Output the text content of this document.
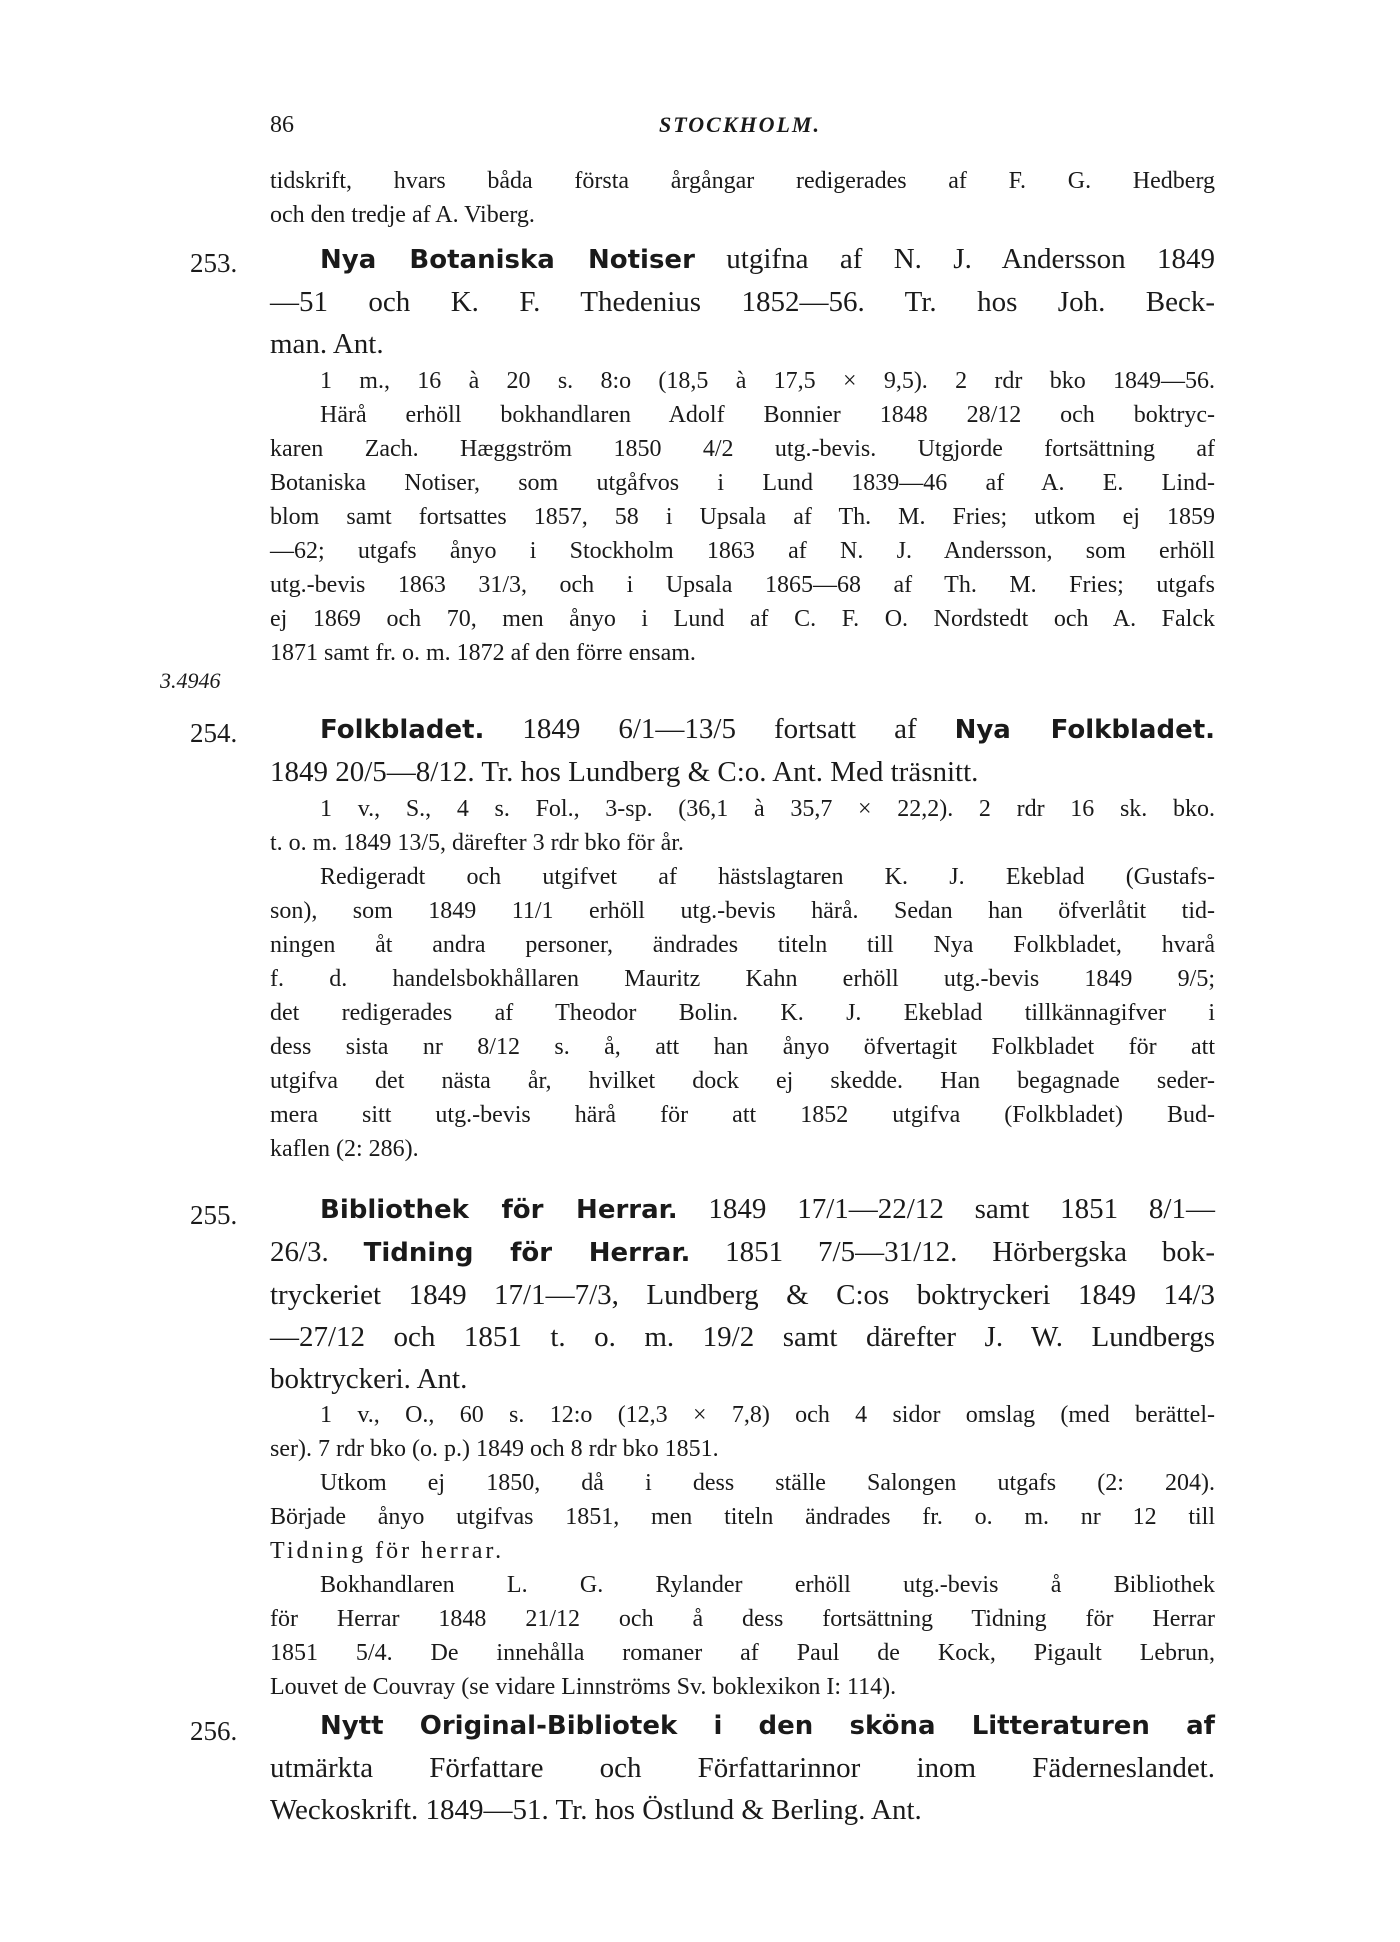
86	STOCKHOLM.
tidskrift, hvars båda första årgångar redigerades af F. G. Hedberg
och den tredje af A. Viberg.
253.	Nya Botaniska Notiser utgifna af N. J. Andersson 1849
—51 och K. F. Thedenius 1852—56. Tr. hos Joh. Beck-
man. Ant.
1 m., 16 à 20 s. 8:o (18,5 à 17,5 × 9,5). 2 rdr bko 1849—56.
Härå erhöll bokhandlaren Adolf Bonnier 1848 28/12 och boktryc-
karen Zach. Hæggström 1850 4/2 utg.-bevis. Utgjorde fortsättning af
Botaniska Notiser, som utgåfvos i Lund 1839—46 af A. E. Lind-
blom samt fortsattes 1857, 58 i Upsala af Th. M. Fries; utkom ej 1859
—62; utgafs ånyo i Stockholm 1863 af N. J. Andersson, som erhöll
utg.-bevis 1863 31/3, och i Upsala 1865—68 af Th. M. Fries; utgafs
ej 1869 och 70, men ånyo i Lund af C. F. O. Nordstedt och A. Falck
1871 samt fr. o. m. 1872 af den förre ensam.
3.4946
254.	Folkbladet. 1849 6/1—13/5 fortsatt af Nya Folkbladet.
1849 20/5—8/12. Tr. hos Lundberg & C:o. Ant. Med träsnitt.
1 v., S., 4 s. Fol., 3-sp. (36,1 à 35,7 × 22,2). 2 rdr 16 sk. bko.
t. o. m. 1849 13/5, därefter 3 rdr bko för år.
Redigeradt och utgifvet af hästslagtaren K. J. Ekeblad (Gustafs-
son), som 1849 11/1 erhöll utg.-bevis härå. Sedan han öfverlåtit tid-
ningen åt andra personer, ändrades titeln till Nya Folkbladet, hvarå
f. d. handelsbokhållaren Mauritz Kahn erhöll utg.-bevis 1849 9/5;
det redigerades af Theodor Bolin. K. J. Ekeblad tillkännagifver i
dess sista nr 8/12 s. å, att han ånyo öfvertagit Folkbladet för att
utgifva det nästa år, hvilket dock ej skedde. Han begagnade seder-
mera sitt utg.-bevis härå för att 1852 utgifva (Folkbladet) Bud-
kaflen (2: 286).
255.	Bibliothek för Herrar. 1849 17/1—22/12 samt 1851 8/1—
26/3. Tidning för Herrar. 1851 7/5—31/12. Hörbergska bok-
tryckeriet 1849 17/1—7/3, Lundberg & C:os boktryckeri 1849 14/3
—27/12 och 1851 t. o. m. 19/2 samt därefter J. W. Lundbergs
boktryckeri. Ant.
1 v., O., 60 s. 12:o (12,3 × 7,8) och 4 sidor omslag (med berättel-
ser). 7 rdr bko (o. p.) 1849 och 8 rdr bko 1851.
Utkom ej 1850, då i dess ställe Salongen utgafs (2: 204).
Började ånyo utgifvas 1851, men titeln ändrades fr. o. m. nr 12 till
Tidning för herrar.
Bokhandlaren L. G. Rylander erhöll utg.-bevis å Bibliothek
för Herrar 1848 21/12 och å dess fortsättning Tidning för Herrar
1851 5/4. De innehålla romaner af Paul de Kock, Pigault Lebrun,
Louvet de Couvray (se vidare Linnströms Sv. boklexikon I: 114).
256.	Nytt Original-Bibliotek i den sköna Litteraturen af
utmärkta Författare och Författarinnor inom Fäderneslandet.
Weckoskrift. 1849—51. Tr. hos Östlund & Berling. Ant.
